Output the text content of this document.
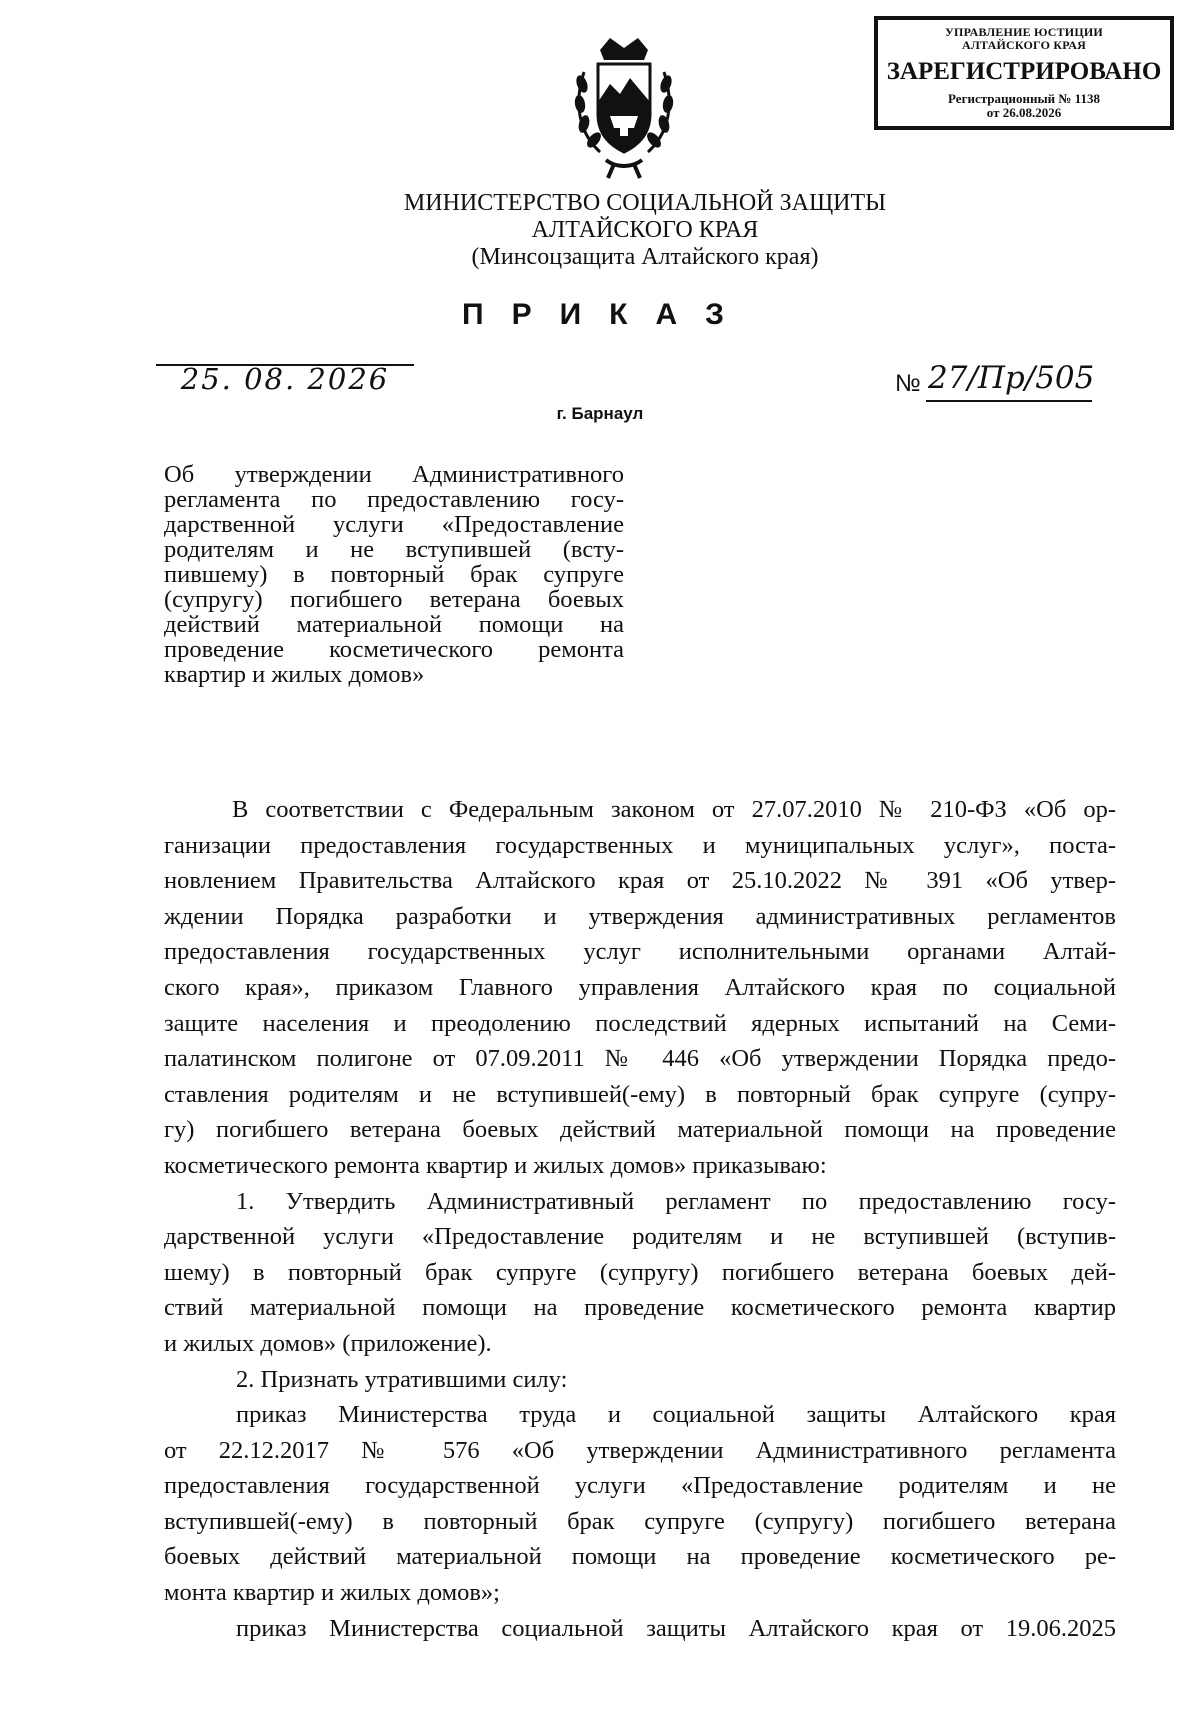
УПРАВЛЕНИЕ ЮСТИЦИИ
АЛТАЙСКОГО КРАЯ
ЗАРЕГИСТРИРОВАНО
Регистрационный № 1138
от 26.08.2026
МИНИСТЕРСТВО СОЦИАЛЬНОЙ ЗАЩИТЫ
АЛТАЙСКОГО КРАЯ
(Минсоцзащита Алтайского края)
ПРИКАЗ
25. 08. 2026	№ 27/Пр/505
г. Барнаул
Об утверждении Административного
регламента по предоставлению госу-
дарственной услуги «Предоставление
родителям и не вступившей (всту-
пившему) в повторный брак супруге
(супругу) погибшего ветерана боевых
действий материальной помощи на
проведение косметического ремонта
квартир и жилых домов»
В соответствии с Федеральным законом от 27.07.2010 № 210-ФЗ «Об ор-
ганизации предоставления государственных и муниципальных услуг», поста-
новлением Правительства Алтайского края от 25.10.2022 № 391 «Об утвер-
ждении Порядка разработки и утверждения административных регламентов
предоставления государственных услуг исполнительными органами Алтай-
ского края», приказом Главного управления Алтайского края по социальной
защите населения и преодолению последствий ядерных испытаний на Семи-
палатинском полигоне от 07.09.2011 № 446 «Об утверждении Порядка предо-
ставления родителям и не вступившей(-ему) в повторный брак супруге (супру-
гу) погибшего ветерана боевых действий материальной помощи на проведение
косметического ремонта квартир и жилых домов» приказываю:
1. Утвердить Административный регламент по предоставлению госу-
дарственной услуги «Предоставление родителям и не вступившей (вступив-
шему) в повторный брак супруге (супругу) погибшего ветерана боевых дей-
ствий материальной помощи на проведение косметического ремонта квартир
и жилых домов» (приложение).
2. Признать утратившими силу:
приказ Министерства труда и социальной защиты Алтайского края
от 22.12.2017 № 576 «Об утверждении Административного регламента
предоставления государственной услуги «Предоставление родителям и не
вступившей(-ему) в повторный брак супруге (супругу) погибшего ветерана
боевых действий материальной помощи на проведение косметического ре-
монта квартир и жилых домов»;
приказ Министерства социальной защиты Алтайского края от 19.06.2025
